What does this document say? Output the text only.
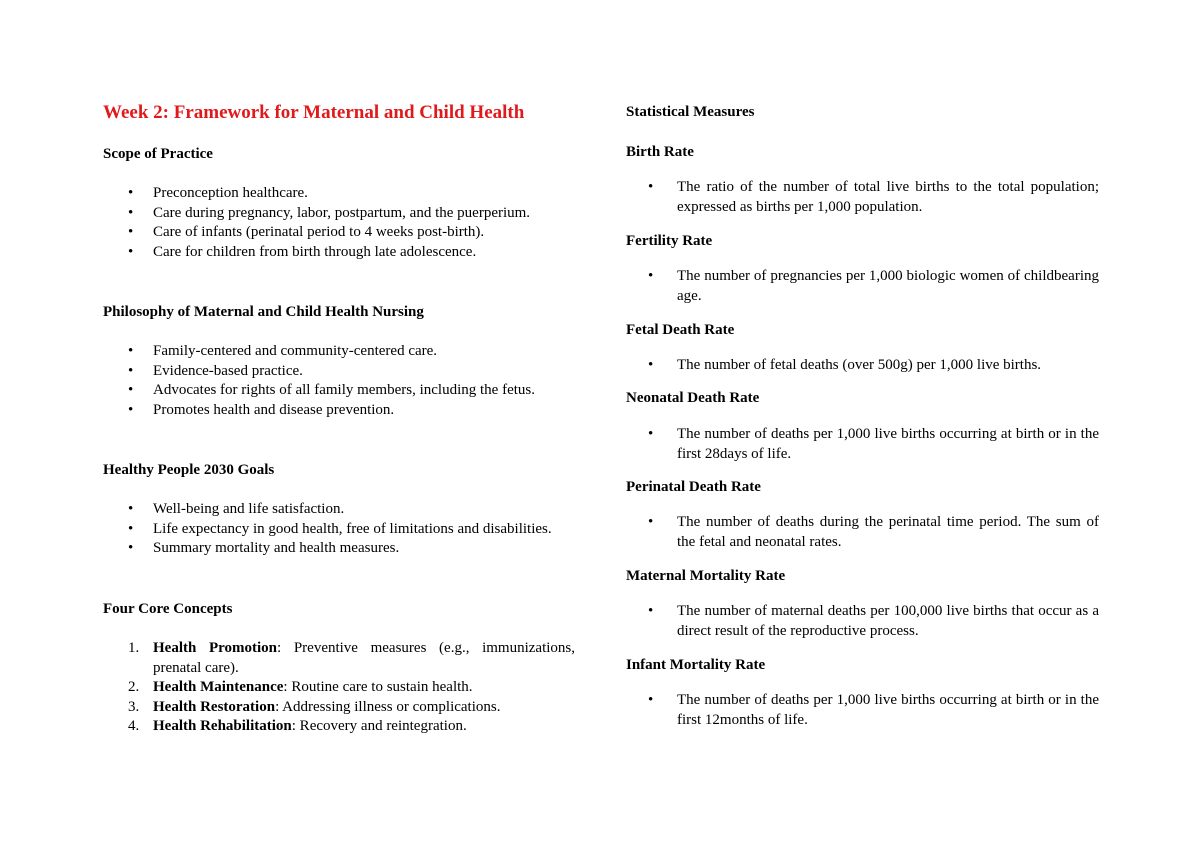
Week 2: Framework for Maternal and Child Health
Scope of Practice
• Preconception healthcare.
• Care during pregnancy, labor, postpartum, and the puerperium.
• Care of infants (perinatal period to 4 weeks post-birth).
• Care for children from birth through late adolescence.
Philosophy of Maternal and Child Health Nursing
• Family-centered and community-centered care.
• Evidence-based practice.
• Advocates for rights of all family members, including the fetus.
• Promotes health and disease prevention.
Healthy People 2030 Goals
• Well-being and life satisfaction.
• Life expectancy in good health, free of limitations and disabilities.
• Summary mortality and health measures.
Four Core Concepts
1. Health Promotion: Preventive measures (e.g., immunizations, prenatal care).
2. Health Maintenance: Routine care to sustain health.
3. Health Restoration: Addressing illness or complications.
4. Health Rehabilitation: Recovery and reintegration.
Statistical Measures
Birth Rate
• The ratio of the number of total live births to the total population; expressed as births per 1,000 population.
Fertility Rate
• The number of pregnancies per 1,000 biologic women of childbearing age.
Fetal Death Rate
• The number of fetal deaths (over 500g) per 1,000 live births.
Neonatal Death Rate
• The number of deaths per 1,000 live births occurring at birth or in the first 28days of life.
Perinatal Death Rate
• The number of deaths during the perinatal time period. The sum of the fetal and neonatal rates.
Maternal Mortality Rate
• The number of maternal deaths per 100,000 live births that occur as a direct result of the reproductive process.
Infant Mortality Rate
• The number of deaths per 1,000 live births occurring at birth or in the first 12months of life.
